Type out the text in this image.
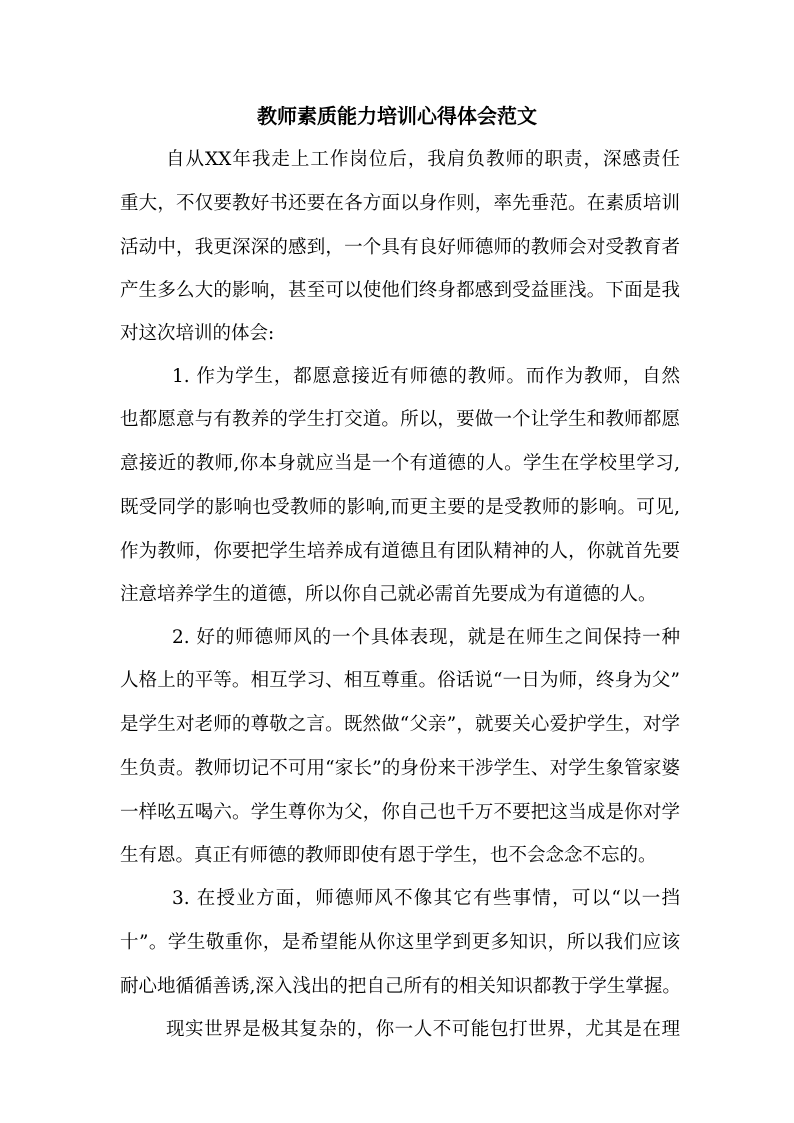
教师素质能力培训心得体会范文
自从XX年我走上工作岗位后，我肩负教师的职责，深感责任
重大，不仅要教好书还要在各方面以身作则，率先垂范。在素质培训
活动中，我更深深的感到，一个具有良好师德师的教师会对受教育者
产生多么大的影响，甚至可以使他们终身都感到受益匪浅。下面是我
对这次培训的体会:
1. 作为学生，都愿意接近有师德的教师。而作为教师，自然
也都愿意与有教养的学生打交道。所以，要做一个让学生和教师都愿
意接近的教师,你本身就应当是一个有道德的人。学生在学校里学习,
既受同学的影响也受教师的影响,而更主要的是受教师的影响。可见,
作为教师，你要把学生培养成有道德且有团队精神的人，你就首先要
注意培养学生的道德，所以你自己就必需首先要成为有道德的人。
2. 好的师德师风的一个具体表现，就是在师生之间保持一种
人格上的平等。相互学习、相互尊重。俗话说“一日为师，终身为父”
是学生对老师的尊敬之言。既然做“父亲”，就要关心爱护学生，对学
生负责。教师切记不可用“家长”的身份来干涉学生、对学生象管家婆
一样吆五喝六。学生尊你为父，你自己也千万不要把这当成是你对学
生有恩。真正有师德的教师即使有恩于学生，也不会念念不忘的。
3. 在授业方面，师德师风不像其它有些事情，可以“以一挡
十”。学生敬重你，是希望能从你这里学到更多知识，所以我们应该
耐心地循循善诱,深入浅出的把自己所有的相关知识都教于学生掌握。
现实世界是极其复杂的，你一人不可能包打世界，尤其是在理
